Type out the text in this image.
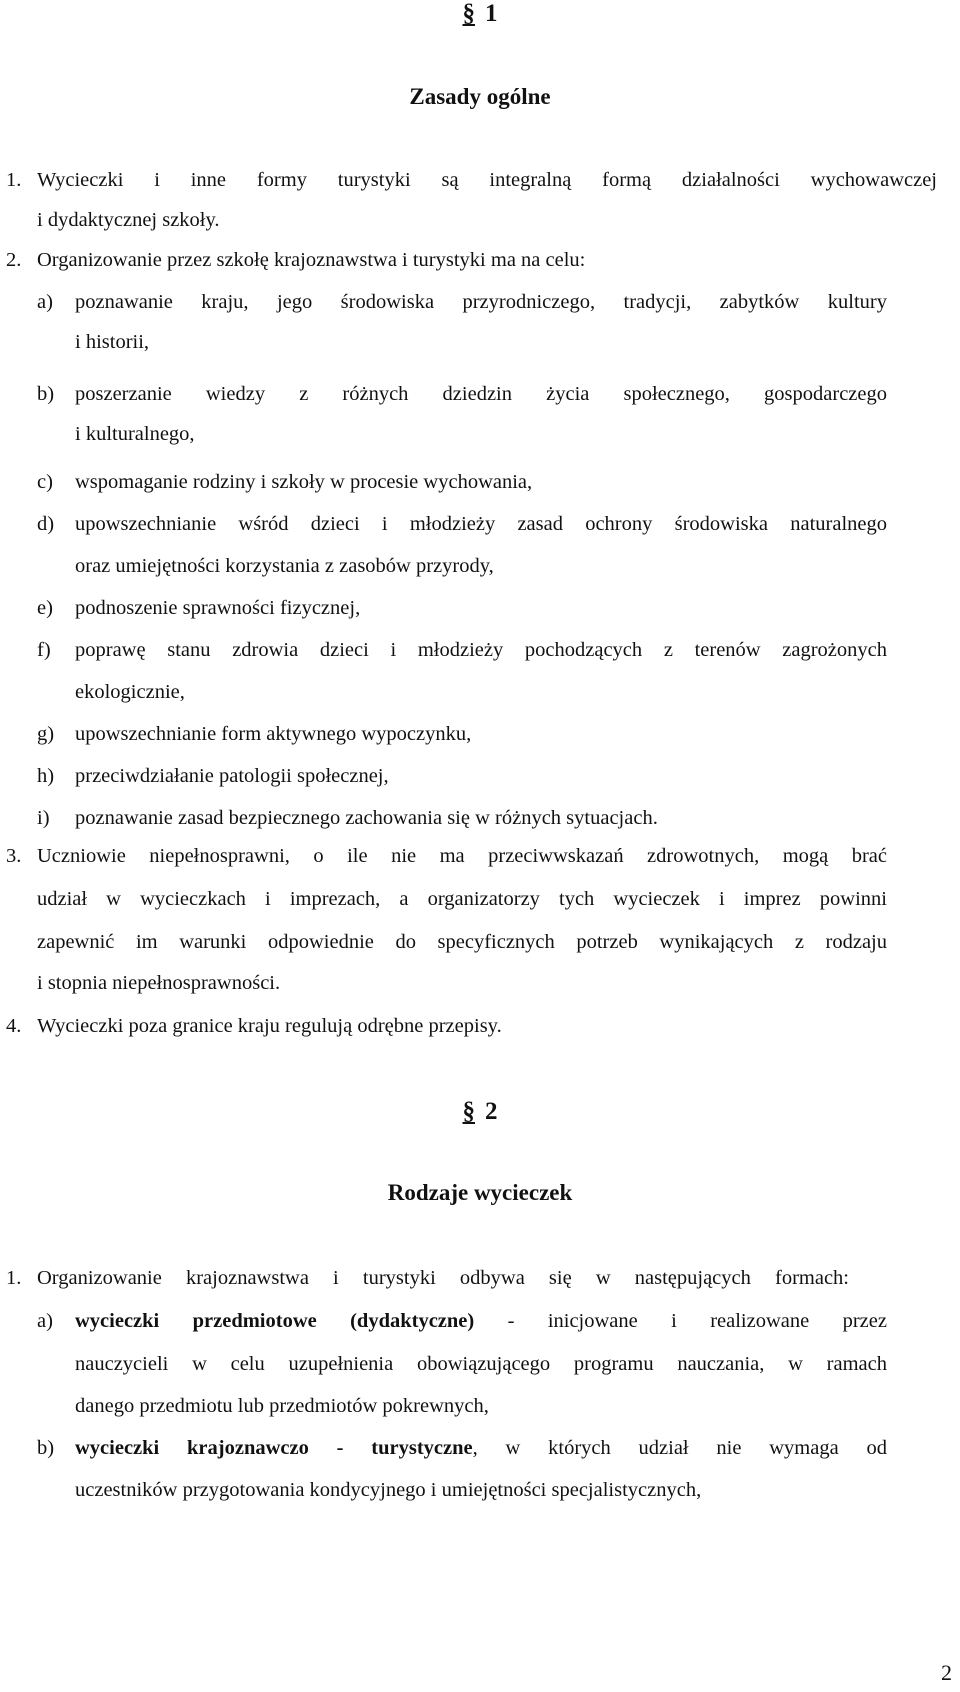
§ 1
Zasady ogólne
1. Wycieczki i inne formy turystyki są integralną formą działalności wychowawczej
i dydaktycznej szkoły.
2. Organizowanie przez szkołę krajoznawstwa i turystyki ma na celu:
a) poznawanie kraju, jego środowiska przyrodniczego, tradycji, zabytków kultury
i historii,
b) poszerzanie wiedzy z różnych dziedzin życia społecznego, gospodarczego
i kulturalnego,
c) wspomaganie rodziny i szkoły w procesie wychowania,
d) upowszechnianie wśród dzieci i młodzieży zasad ochrony środowiska naturalnego
oraz umiejętności korzystania z zasobów przyrody,
e) podnoszenie sprawności fizycznej,
f) poprawę stanu zdrowia dzieci i młodzieży pochodzących z terenów zagrożonych
ekologicznie,
g) upowszechnianie form aktywnego wypoczynku,
h) przeciwdziałanie patologii społecznej,
i) poznawanie zasad bezpiecznego zachowania się w różnych sytuacjach.
3. Uczniowie niepełnosprawni, o ile nie ma przeciwwskazań zdrowotnych, mogą brać
udział w wycieczkach i imprezach, a organizatorzy tych wycieczek i imprez powinni
zapewnić im warunki odpowiednie do specyficznych potrzeb wynikających z rodzaju
i stopnia niepełnosprawności.
4. Wycieczki poza granice kraju regulują odrębne przepisy.
§ 2
Rodzaje wycieczek
1. Organizowanie krajoznawstwa i turystyki odbywa się w następujących formach:
a) wycieczki przedmiotowe (dydaktyczne) - inicjowane i realizowane przez
nauczycieli w celu uzupełnienia obowiązującego programu nauczania, w ramach
danego przedmiotu lub przedmiotów pokrewnych,
b) wycieczki krajoznawczo - turystyczne, w których udział nie wymaga od
uczestników przygotowania kondycyjnego i umiejętności specjalistycznych,
2
